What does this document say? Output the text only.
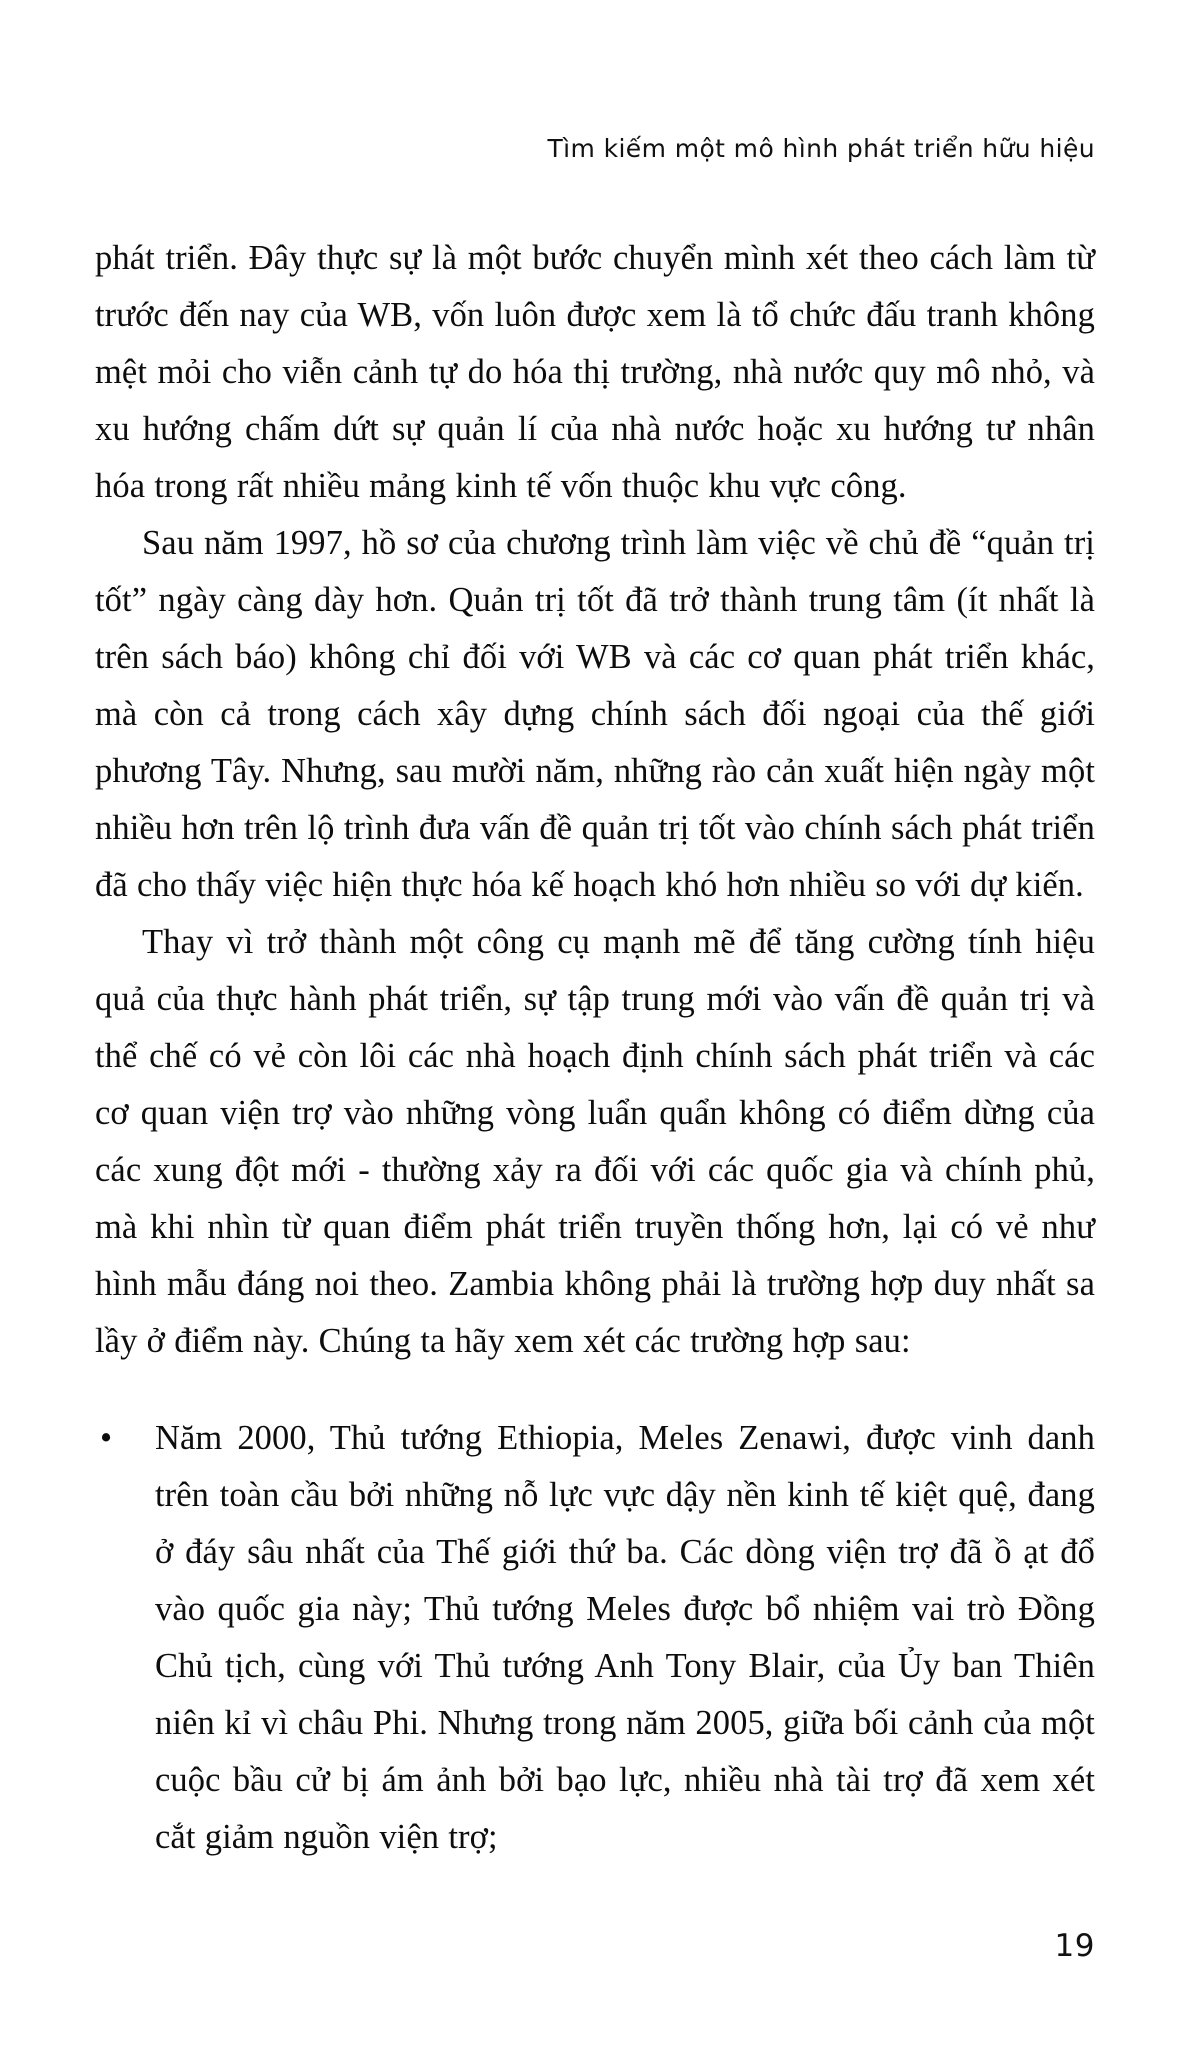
Tìm kiếm một mô hình phát triển hữu hiệu

phát triển. Đây thực sự là một bước chuyển mình xét theo cách làm từ trước đến nay của WB, vốn luôn được xem là tổ chức đấu tranh không mệt mỏi cho viễn cảnh tự do hóa thị trường, nhà nước quy mô nhỏ, và xu hướng chấm dứt sự quản lí của nhà nước hoặc xu hướng tư nhân hóa trong rất nhiều mảng kinh tế vốn thuộc khu vực công.

Sau năm 1997, hồ sơ của chương trình làm việc về chủ đề “quản trị tốt” ngày càng dày hơn. Quản trị tốt đã trở thành trung tâm (ít nhất là trên sách báo) không chỉ đối với WB và các cơ quan phát triển khác, mà còn cả trong cách xây dựng chính sách đối ngoại của thế giới phương Tây. Nhưng, sau mười năm, những rào cản xuất hiện ngày một nhiều hơn trên lộ trình đưa vấn đề quản trị tốt vào chính sách phát triển đã cho thấy việc hiện thực hóa kế hoạch khó hơn nhiều so với dự kiến.

Thay vì trở thành một công cụ mạnh mẽ để tăng cường tính hiệu quả của thực hành phát triển, sự tập trung mới vào vấn đề quản trị và thể chế có vẻ còn lôi các nhà hoạch định chính sách phát triển và các cơ quan viện trợ vào những vòng luẩn quẩn không có điểm dừng của các xung đột mới - thường xảy ra đối với các quốc gia và chính phủ, mà khi nhìn từ quan điểm phát triển truyền thống hơn, lại có vẻ như hình mẫu đáng noi theo. Zambia không phải là trường hợp duy nhất sa lầy ở điểm này. Chúng ta hãy xem xét các trường hợp sau:

• Năm 2000, Thủ tướng Ethiopia, Meles Zenawi, được vinh danh trên toàn cầu bởi những nỗ lực vực dậy nền kinh tế kiệt quệ, đang ở đáy sâu nhất của Thế giới thứ ba. Các dòng viện trợ đã ồ ạt đổ vào quốc gia này; Thủ tướng Meles được bổ nhiệm vai trò Đồng Chủ tịch, cùng với Thủ tướng Anh Tony Blair, của Ủy ban Thiên niên kỉ vì châu Phi. Nhưng trong năm 2005, giữa bối cảnh của một cuộc bầu cử bị ám ảnh bởi bạo lực, nhiều nhà tài trợ đã xem xét cắt giảm nguồn viện trợ;
19
